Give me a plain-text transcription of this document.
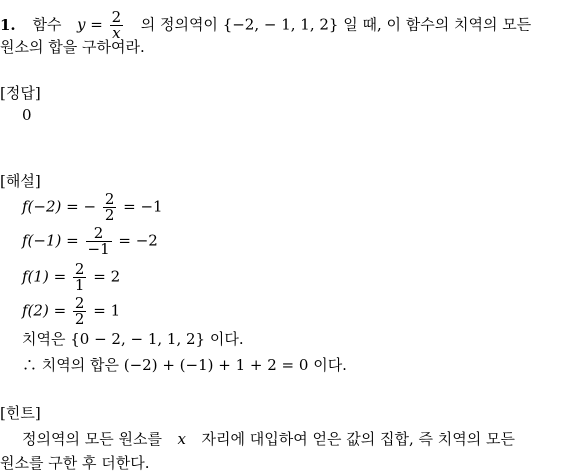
1. 함수 $y = \frac{2}{x}$ 의 정의역이 {−2, − 1, 1, 2} 일 때, 이 함수의 치역의 모든
원소의 합을 구하여라.
[정답]
0
[해설]
f(−2) = − $\frac{2}{2} = -1$
$f(-1) = \frac{2}{-1} = -2$
$f(1) = \frac{2}{1} = 2$
$f(2) = \frac{2}{2} = 1$
치역은 {0 − 2, − 1, 1, 2} 이다.
∴ 치역의 합은 (−2) + (−1) + 1 + 2 = 0 이다.
[힌트]
정의역의 모든 원소를 x 자리에 대입하여 얻은 값의 집합, 즉 치역의 모든
원소를 구한 후 더한다.
